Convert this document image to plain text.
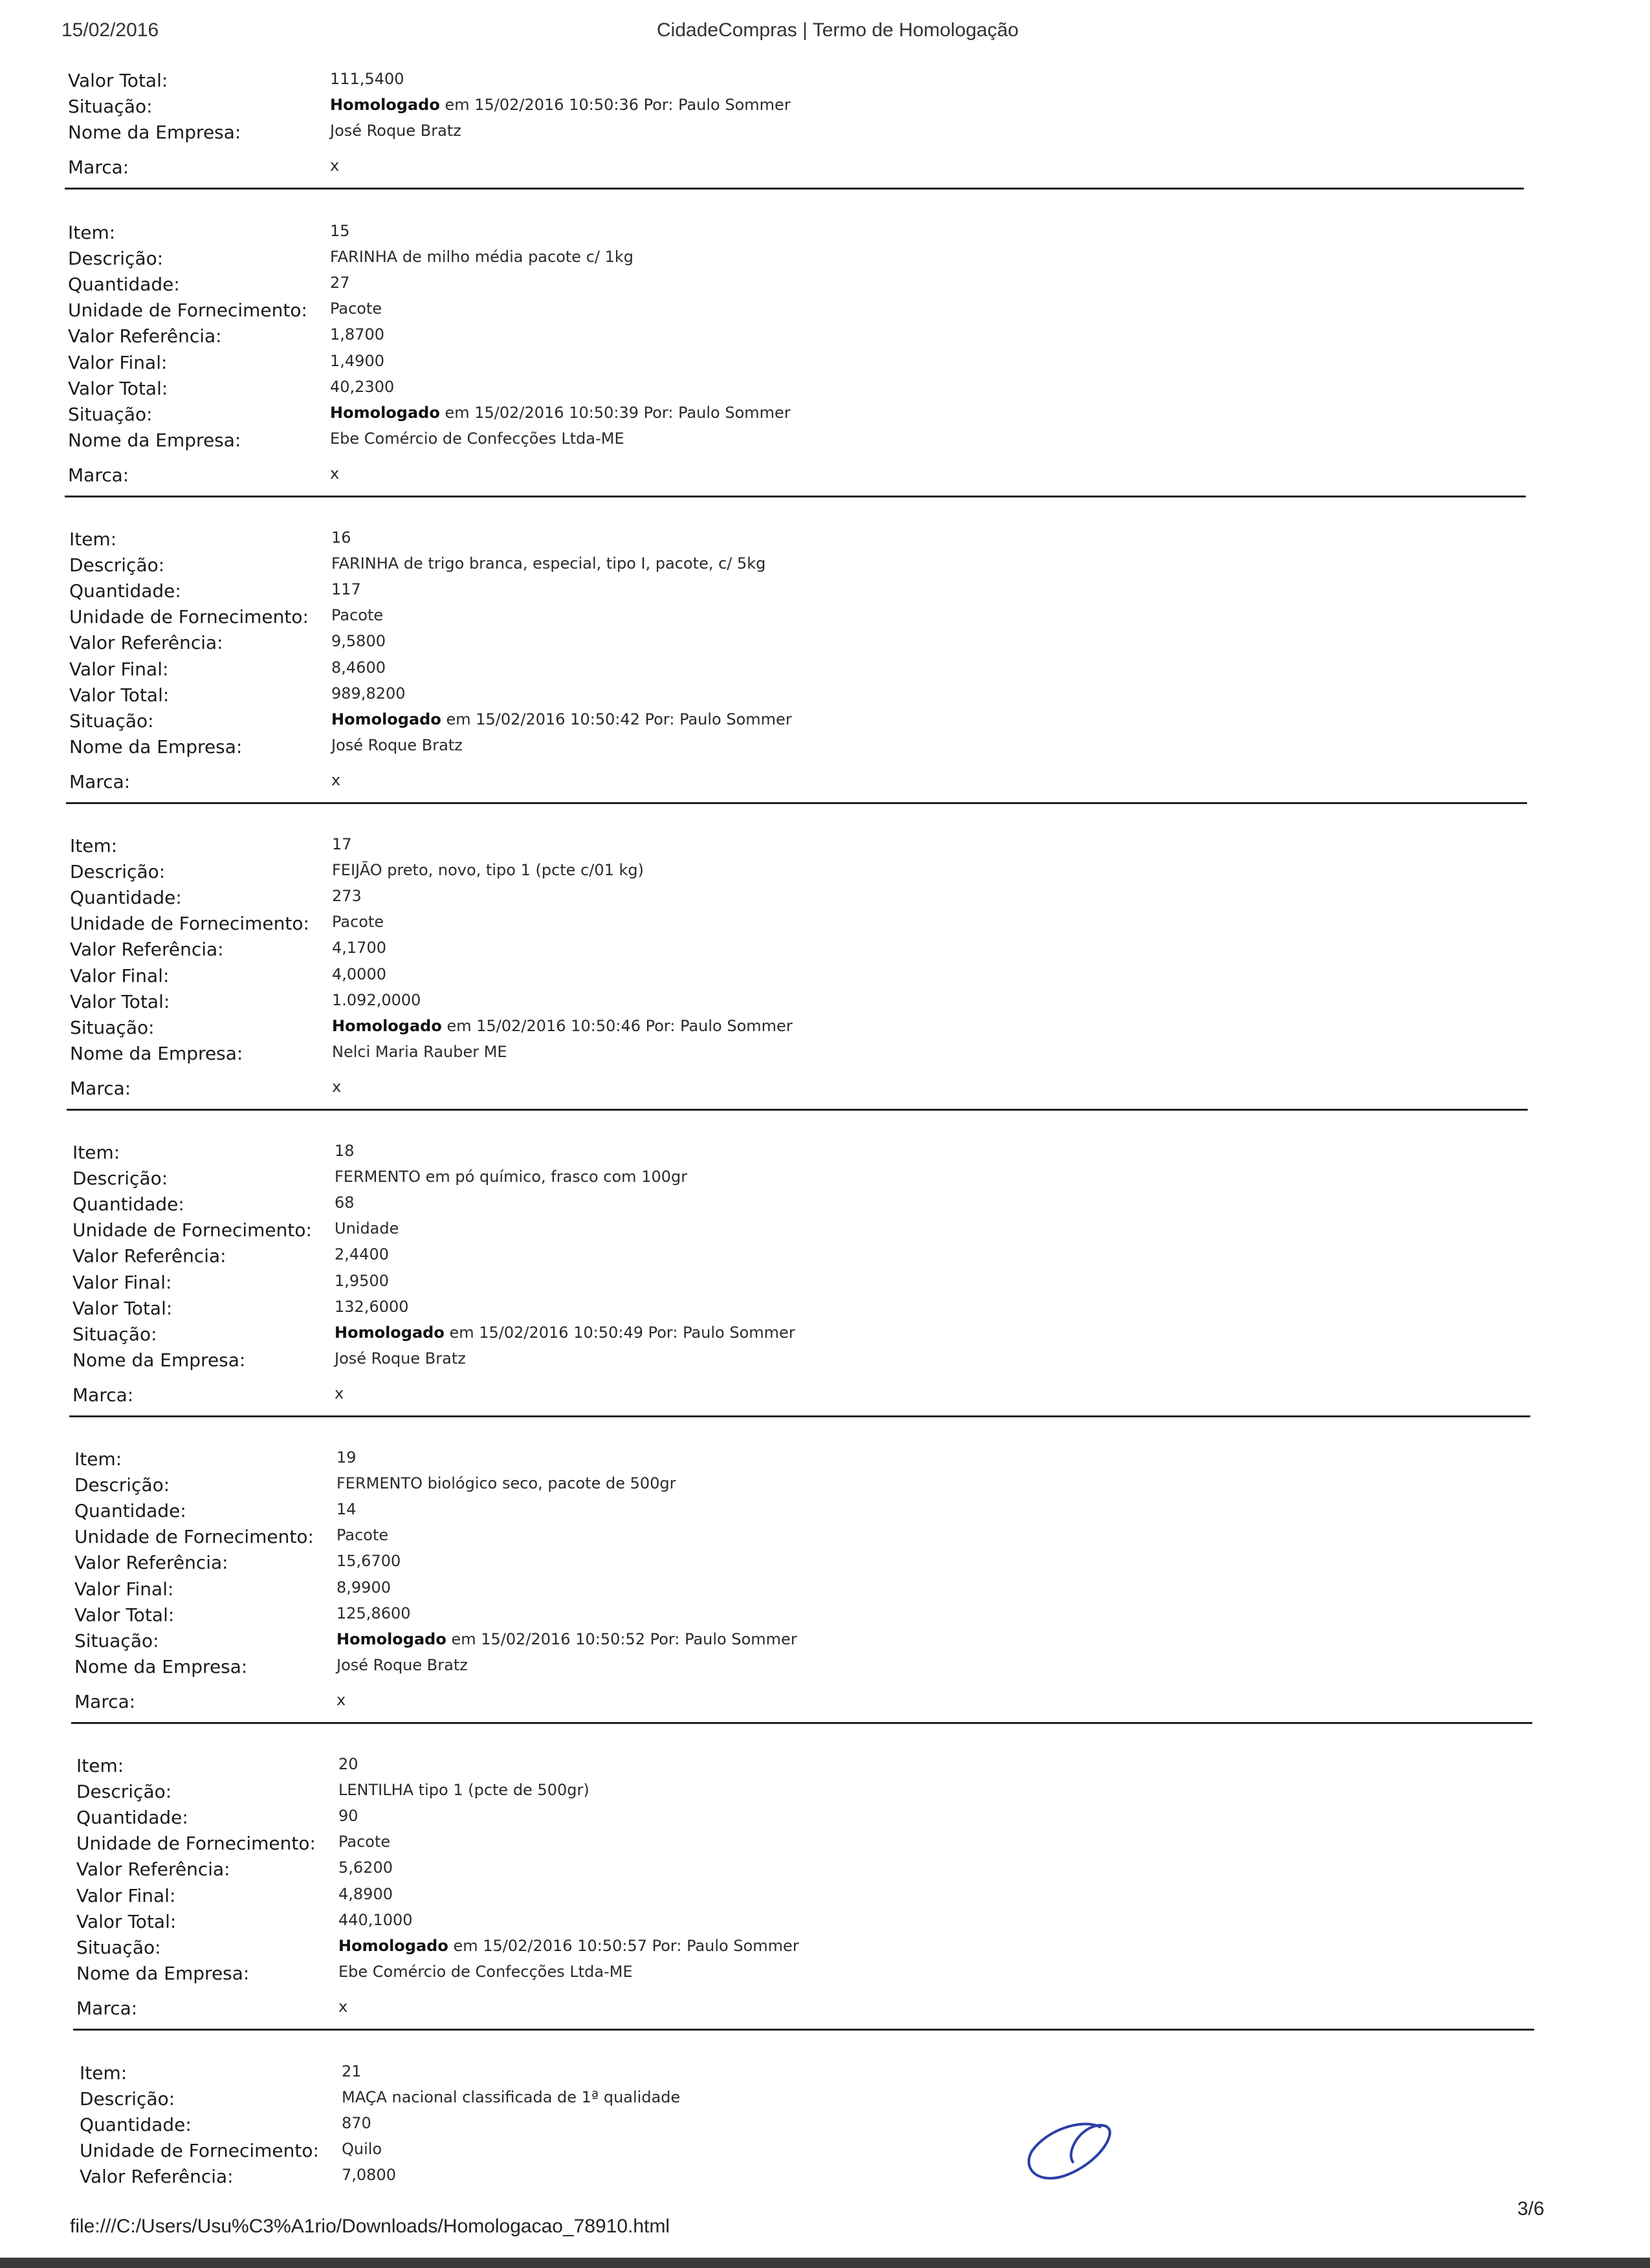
15/02/2016	CidadeCompras | Termo de Homologação
Valor Total:	111,5400
Situação:	Homologado em 15/02/2016 10:50:36 Por: Paulo Sommer
Nome da Empresa:	José Roque Bratz
Marca:	x
Item:	15
Descrição:	FARINHA de milho média pacote c/ 1kg
Quantidade:	27
Unidade de Fornecimento: Pacote
Valor Referência:	1,8700
Valor Final:	1,4900
Valor Total:	40,2300
Situação:	Homologado em 15/02/2016 10:50:39 Por: Paulo Sommer
Nome da Empresa:	Ebe Comércio de Confecções Ltda-ME
Marca:	x
Item:	16
Descrição:	FARINHA de trigo branca, especial, tipo I, pacote, c/ 5kg
Quantidade:	117
Unidade de Fornecimento: Pacote
Valor Referência:	9,5800
Valor Final:	8,4600
Valor Total:	989,8200
Situação:	Homologado em 15/02/2016 10:50:42 Por: Paulo Sommer
Nome da Empresa:	José Roque Bratz
Marca:	x
Item:	17
Descrição:	FEIJÃO preto, novo, tipo 1 (pcte c/01 kg)
Quantidade:	273
Unidade de Fornecimento: Pacote
Valor Referência:	4,1700
Valor Final:	4,0000
Valor Total:	1.092,0000
Situação:	Homologado em 15/02/2016 10:50:46 Por: Paulo Sommer
Nome da Empresa:	Nelci Maria Rauber ME
Marca:	x
Item:	18
Descrição:	FERMENTO em pó químico, frasco com 100gr
Quantidade:	68
Unidade de Fornecimento: Unidade
Valor Referência:	2,4400
Valor Final:	1,9500
Valor Total:	132,6000
Situação:	Homologado em 15/02/2016 10:50:49 Por: Paulo Sommer
Nome da Empresa:	José Roque Bratz
Marca:	x
Item:	19
Descrição:	FERMENTO biológico seco, pacote de 500gr
Quantidade:	14
Unidade de Fornecimento: Pacote
Valor Referência:	15,6700
Valor Final:	8,9900
Valor Total:	125,8600
Situação:	Homologado em 15/02/2016 10:50:52 Por: Paulo Sommer
Nome da Empresa:	José Roque Bratz
Marca:	x
Item:	20
Descrição:	LENTILHA tipo 1 (pcte de 500gr)
Quantidade:	90
Unidade de Fornecimento: Pacote
Valor Referência:	5,6200
Valor Final:	4,8900
Valor Total:	440,1000
Situação:	Homologado em 15/02/2016 10:50:57 Por: Paulo Sommer
Nome da Empresa:	Ebe Comércio de Confecções Ltda-ME
Marca:	x
Item:	21
Descrição:	MAÇA nacional classificada de 1ª qualidade
Quantidade:	870
Unidade de Fornecimento: Quilo
Valor Referência:	7,0800
file:///C:/Users/Usu%C3%A1rio/Downloads/Homologacao_78910.html
3/6
